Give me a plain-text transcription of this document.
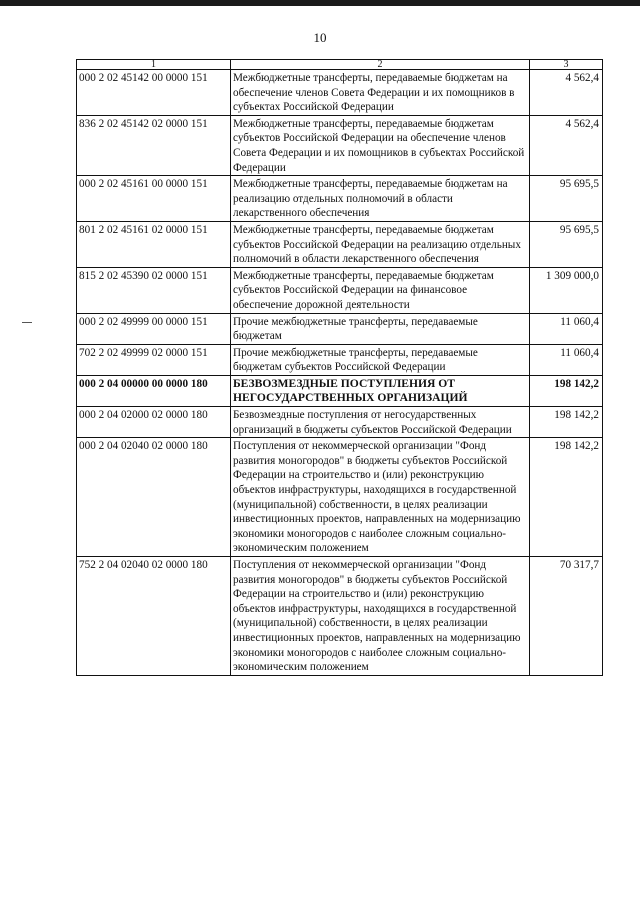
10
1	2	3
000 2 02 45142 00 0000 151	Межбюджетные трансферты, передаваемые бюджетам на обеспечение членов Совета Федерации и их помощников в субъектах Российской Федерации	4 562,4
836 2 02 45142 02 0000 151	Межбюджетные трансферты, передаваемые бюджетам субъектов Российской Федерации на обеспечение членов Совета Федерации и их помощников в субъектах Российской Федерации	4 562,4
000 2 02 45161 00 0000 151	Межбюджетные трансферты, передаваемые бюджетам на реализацию отдельных полномочий в области лекарственного обеспечения	95 695,5
801 2 02 45161 02 0000 151	Межбюджетные трансферты, передаваемые бюджетам субъектов Российской Федерации на реализацию отдельных полномочий в области лекарственного обеспечения	95 695,5
815 2 02 45390 02 0000 151	Межбюджетные трансферты, передаваемые бюджетам субъектов Российской Федерации на финансовое обеспечение дорожной деятельности	1 309 000,0
000 2 02 49999 00 0000 151	Прочие межбюджетные трансферты, передаваемые бюджетам	11 060,4
702 2 02 49999 02 0000 151	Прочие межбюджетные трансферты, передаваемые бюджетам субъектов Российской Федерации	11 060,4
000 2 04 00000 00 0000 180	БЕЗВОЗМЕЗДНЫЕ ПОСТУПЛЕНИЯ ОТ НЕГОСУДАРСТВЕННЫХ ОРГАНИЗАЦИЙ	198 142,2
000 2 04 02000 02 0000 180	Безвозмездные поступления от негосударственных организаций в бюджеты субъектов Российской Федерации	198 142,2
000 2 04 02040 02 0000 180	Поступления от некоммерческой организации "Фонд развития моногородов" в бюджеты субъектов Российской Федерации на строительство и (или) реконструкцию объектов инфраструктуры, находящихся в государственной (муниципальной) собственности, в целях реализации инвестиционных проектов, направленных на модернизацию экономики моногородов с наиболее сложным социально-экономическим положением	198 142,2
752 2 04 02040 02 0000 180	Поступления от некоммерческой организации "Фонд развития моногородов" в бюджеты субъектов Российской Федерации на строительство и (или) реконструкцию объектов инфраструктуры, находящихся в государственной (муниципальной) собственности, в целях реализации инвестиционных проектов, направленных на модернизацию экономики моногородов с наиболее сложным социально-экономическим положением	70 317,7
